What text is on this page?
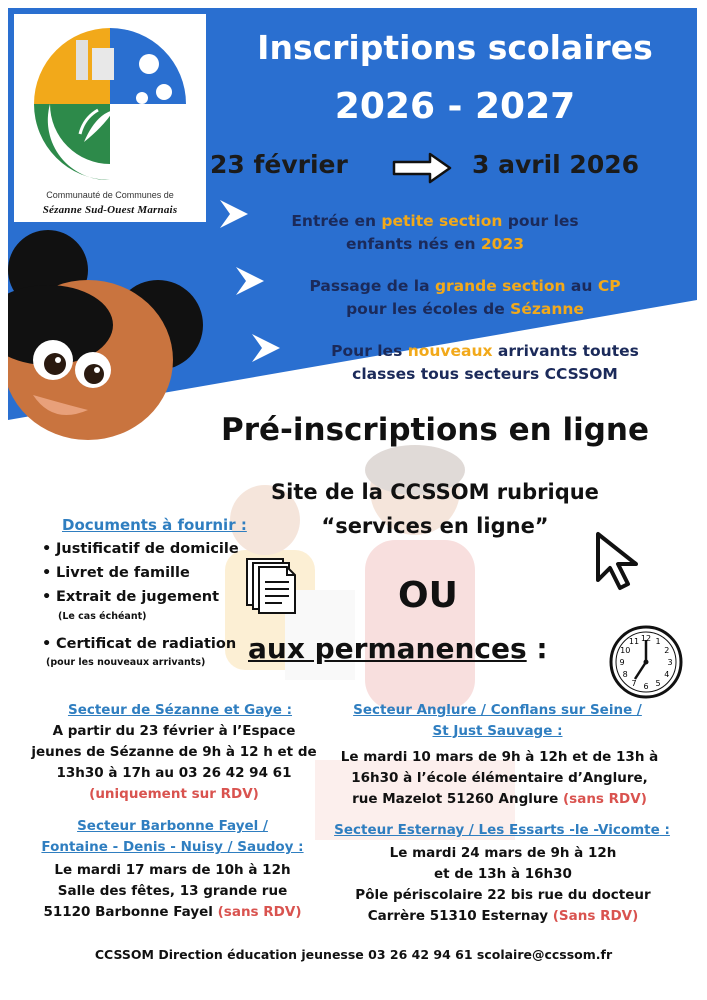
Communauté de Communes de
Sézanne Sud-Ouest Marnais
Inscriptions scolaires
2026 - 2027
23 février	3 avril 2026
Entrée en petite section pour les
enfants nés en 2023
Passage de la grande section au CP
pour les écoles de Sézanne
Pour les nouveaux arrivants toutes
classes tous secteurs CCSSOM
Pré-inscriptions en ligne
Site de la CCSSOM rubrique
“services en ligne”
Documents à fournir :
• Justificatif de domicile
• Livret de famille
• Extrait de jugement
(Le cas échéant)
• Certificat de radiation
(pour les nouveaux arrivants)
OU
aux permanences :	12 1
2
3
4
5
6
7
8
9
10
11
Secteur de Sézanne et Gaye :
A partir du 23 février à l’Espace
jeunes de Sézanne de 9h à 12 h et de
13h30 à 17h au 03 26 42 94 61
(uniquement sur RDV)
Secteur Barbonne Fayel /
Fontaine - Denis - Nuisy / Saudoy :
Le mardi 17 mars de 10h à 12h
Salle des fêtes, 13 grande rue
51120 Barbonne Fayel (sans RDV)
Secteur Anglure / Conflans sur Seine /
St Just Sauvage :
Le mardi 10 mars de 9h à 12h et de 13h à
16h30 à l’école élémentaire d’Anglure,
rue Mazelot 51260 Anglure (sans RDV)
Secteur Esternay / Les Essarts -le -Vicomte :
Le mardi 24 mars de 9h à 12h
et de 13h à 16h30
Pôle périscolaire 22 bis rue du docteur
Carrère 51310 Esternay (Sans RDV)
CCSSOM Direction éducation jeunesse 03 26 42 94 61 scolaire@ccssom.fr
